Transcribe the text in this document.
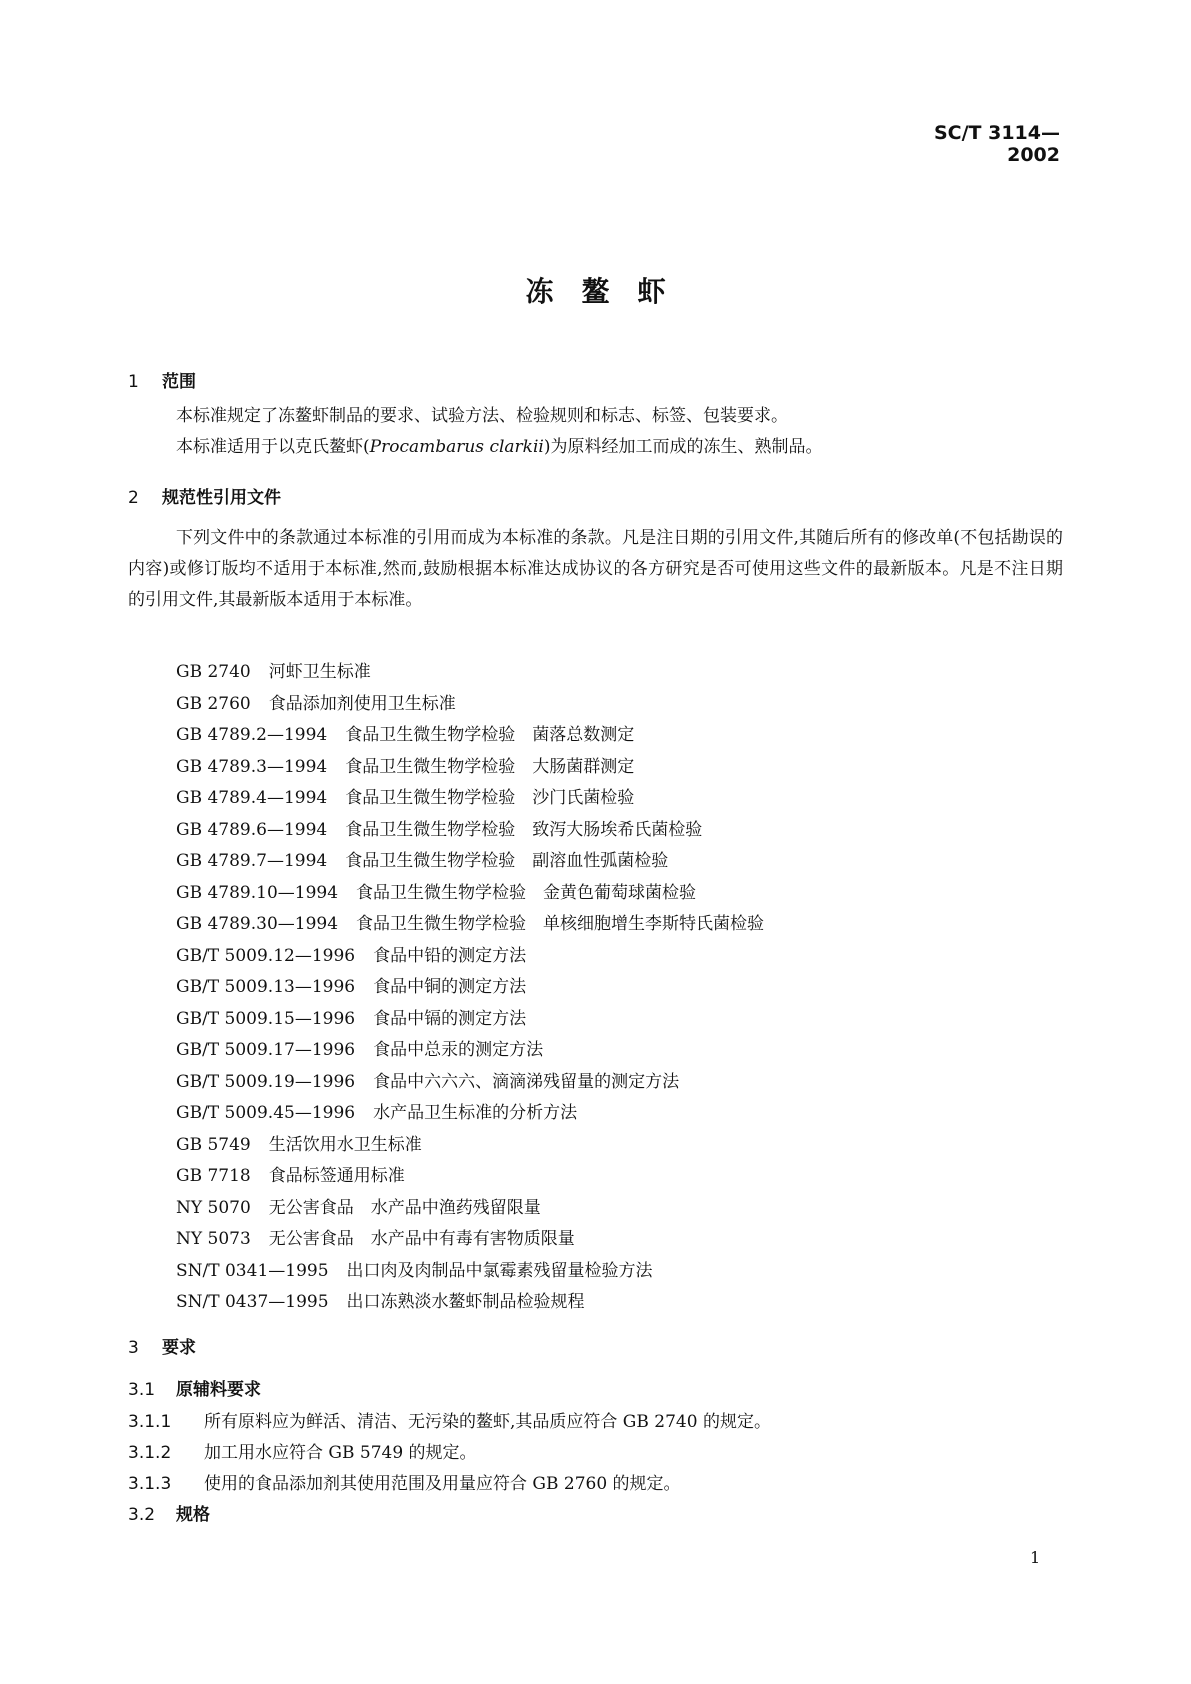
SC/T 3114—2002
冻鳌虾
1 范围
本标准规定了冻鳌虾制品的要求、试验方法、检验规则和标志、标签、包装要求。
本标准适用于以克氏鳌虾(Procambarus clarkii)为原料经加工而成的冻生、熟制品。
2 规范性引用文件
下列文件中的条款通过本标准的引用而成为本标准的条款。凡是注日期的引用文件,其随后所有的修改单(不包括勘误的内容)或修订版均不适用于本标准,然而,鼓励根据本标准达成协议的各方研究是否可使用这些文件的最新版本。凡是不注日期的引用文件,其最新版本适用于本标准。
GB 2740 河虾卫生标准
GB 2760 食品添加剂使用卫生标准
GB 4789.2—1994 食品卫生微生物学检验　菌落总数测定
GB 4789.3—1994 食品卫生微生物学检验　大肠菌群测定
GB 4789.4—1994 食品卫生微生物学检验　沙门氏菌检验
GB 4789.6—1994 食品卫生微生物学检验　致泻大肠埃希氏菌检验
GB 4789.7—1994 食品卫生微生物学检验　副溶血性弧菌检验
GB 4789.10—1994 食品卫生微生物学检验　金黄色葡萄球菌检验
GB 4789.30—1994 食品卫生微生物学检验　单核细胞增生李斯特氏菌检验
GB/T 5009.12—1996 食品中铅的测定方法
GB/T 5009.13—1996 食品中铜的测定方法
GB/T 5009.15—1996 食品中镉的测定方法
GB/T 5009.17—1996 食品中总汞的测定方法
GB/T 5009.19—1996 食品中六六六、滴滴涕残留量的测定方法
GB/T 5009.45—1996 水产品卫生标准的分析方法
GB 5749 生活饮用水卫生标准
GB 7718 食品标签通用标准
NY 5070 无公害食品　水产品中渔药残留限量
NY 5073 无公害食品　水产品中有毒有害物质限量
SN/T 0341—1995 出口肉及肉制品中氯霉素残留量检验方法
SN/T 0437—1995 出口冻熟淡水鳌虾制品检验规程
3 要求
3.1 原辅料要求
3.1.1 所有原料应为鲜活、清洁、无污染的鳌虾,其品质应符合 GB 2740 的规定。
3.1.2 加工用水应符合 GB 5749 的规定。
3.1.3 使用的食品添加剂其使用范围及用量应符合 GB 2760 的规定。
3.2 规格
1
